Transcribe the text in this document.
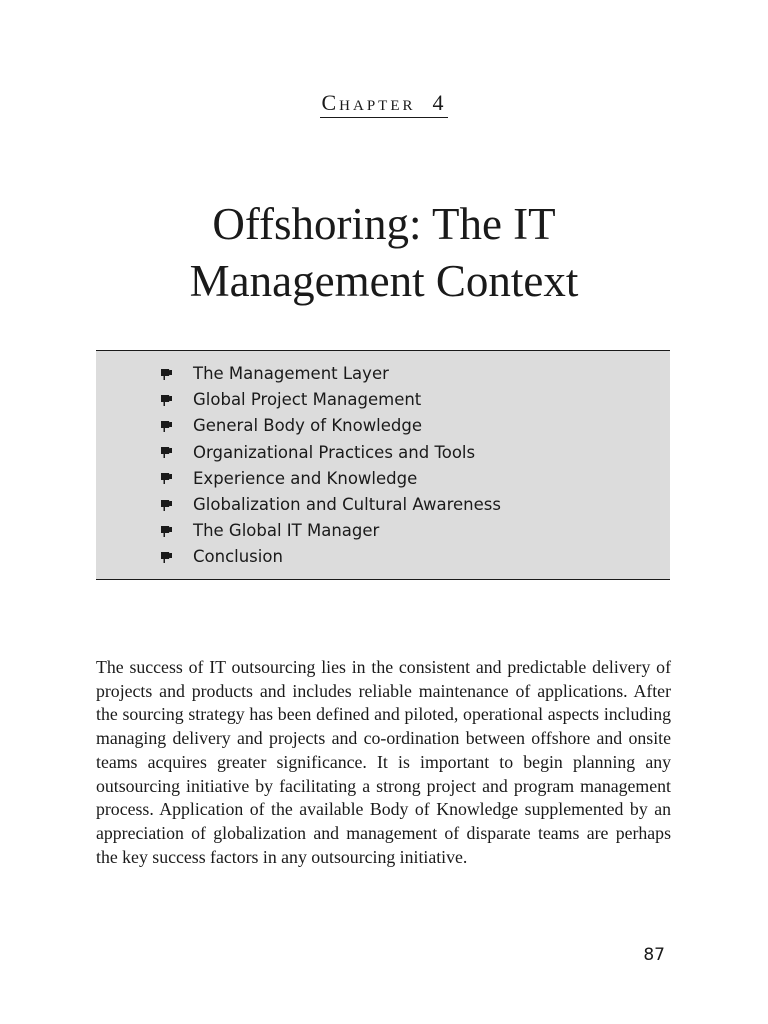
Chapter 4
Offshoring: The IT
Management Context
The Management Layer
Global Project Management
General Body of Knowledge
Organizational Practices and Tools
Experience and Knowledge
Globalization and Cultural Awareness
The Global IT Manager
Conclusion

The success of IT outsourcing lies in the consistent and predictable delivery of projects and products and includes reliable maintenance of applications. After the sourcing strategy has been defined and piloted, operational aspects including managing delivery and projects and co-ordination between offshore and onsite teams acquires greater significance. It is important to begin planning any outsourcing initiative by facilitating a strong project and program management process. Application of the available Body of Knowledge supplemented by an appreciation of globalization and management of disparate teams are perhaps the key success factors in any outsourcing initiative.

87
